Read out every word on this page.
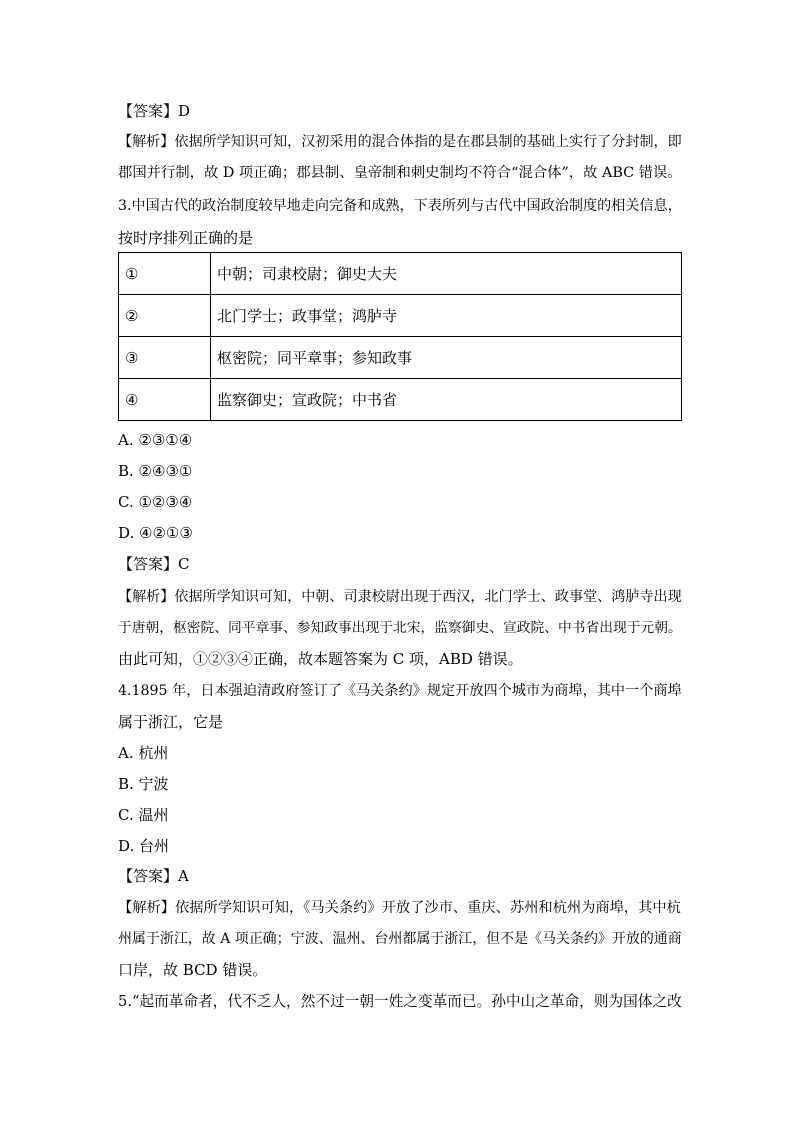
【答案】D
【解析】依据所学知识可知，汉初采用的混合体指的是在郡县制的基础上实行了分封制，即
郡国并行制，故 D 项正确；郡县制、皇帝制和刺史制均不符合“混合体”，故 ABC 错误。
3.中国古代的政治制度较早地走向完备和成熟，下表所列与古代中国政治制度的相关信息，
按时序排列正确的是
①	中朝；司隶校尉；御史大夫
②	北门学士；政事堂；鸿胪寺
③	枢密院；同平章事；参知政事
④	监察御史；宣政院；中书省
A. ②③①④
B. ②④③①
C. ①②③④
D. ④②①③
【答案】C
【解析】依据所学知识可知，中朝、司隶校尉出现于西汉，北门学士、政事堂、鸿胪寺出现
于唐朝，枢密院、同平章事、参知政事出现于北宋，监察御史、宣政院、中书省出现于元朝。
由此可知，①②③④正确，故本题答案为 C 项，ABD 错误。
4.1895 年，日本强迫清政府签订了《马关条约》规定开放四个城市为商埠，其中一个商埠
属于浙江，它是
A. 杭州
B. 宁波
C. 温州
D. 台州
【答案】A
【解析】依据所学知识可知，《马关条约》开放了沙市、重庆、苏州和杭州为商埠，其中杭
州属于浙江，故 A 项正确；宁波、温州、台州都属于浙江，但不是《马关条约》开放的通商
口岸，故 BCD 错误。
5.“起而革命者，代不乏人，然不过一朝一姓之变革而已。孙中山之革命，则为国体之改
